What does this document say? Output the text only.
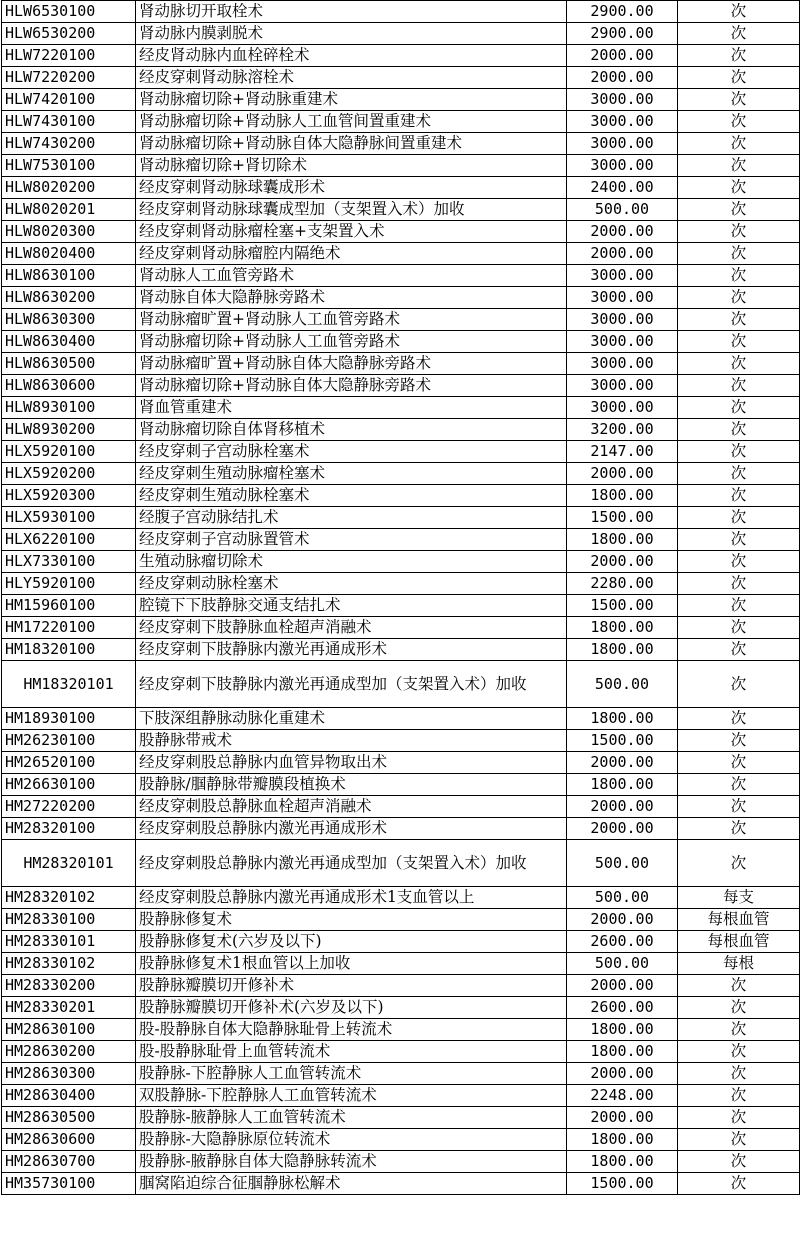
HLW6530100	肾动脉切开取栓术	2900.00	次
HLW6530200	肾动脉内膜剥脱术	2900.00	次
HLW7220100	经皮肾动脉内血栓碎栓术	2000.00	次
HLW7220200	经皮穿刺肾动脉溶栓术	2000.00	次
HLW7420100	肾动脉瘤切除+肾动脉重建术	3000.00	次
HLW7430100	肾动脉瘤切除+肾动脉人工血管间置重建术	3000.00	次
HLW7430200	肾动脉瘤切除+肾动脉自体大隐静脉间置重建术	3000.00	次
HLW7530100	肾动脉瘤切除+肾切除术	3000.00	次
HLW8020200	经皮穿刺肾动脉球囊成形术	2400.00	次
HLW8020201	经皮穿刺肾动脉球囊成型加（支架置入术）加收	500.00	次
HLW8020300	经皮穿刺肾动脉瘤栓塞+支架置入术	2000.00	次
HLW8020400	经皮穿刺肾动脉瘤腔内隔绝术	2000.00	次
HLW8630100	肾动脉人工血管旁路术	3000.00	次
HLW8630200	肾动脉自体大隐静脉旁路术	3000.00	次
HLW8630300	肾动脉瘤旷置+肾动脉人工血管旁路术	3000.00	次
HLW8630400	肾动脉瘤切除+肾动脉人工血管旁路术	3000.00	次
HLW8630500	肾动脉瘤旷置+肾动脉自体大隐静脉旁路术	3000.00	次
HLW8630600	肾动脉瘤切除+肾动脉自体大隐静脉旁路术	3000.00	次
HLW8930100	肾血管重建术	3000.00	次
HLW8930200	肾动脉瘤切除自体肾移植术	3200.00	次
HLX5920100	经皮穿刺子宫动脉栓塞术	2147.00	次
HLX5920200	经皮穿刺生殖动脉瘤栓塞术	2000.00	次
HLX5920300	经皮穿刺生殖动脉栓塞术	1800.00	次
HLX5930100	经腹子宫动脉结扎术	1500.00	次
HLX6220100	经皮穿刺子宫动脉置管术	1800.00	次
HLX7330100	生殖动脉瘤切除术	2000.00	次
HLY5920100	经皮穿刺动脉栓塞术	2280.00	次
HM15960100	腔镜下下肢静脉交通支结扎术	1500.00	次
HM17220100	经皮穿刺下肢静脉血栓超声消融术	1800.00	次
HM18320100	经皮穿刺下肢静脉内激光再通成形术	1800.00	次
HM18320101	经皮穿刺下肢静脉内激光再通成型加（支架置入术）加收	500.00	次
HM18930100	下肢深组静脉动脉化重建术	1800.00	次
HM26230100	股静脉带戒术	1500.00	次
HM26520100	经皮穿刺股总静脉内血管异物取出术	2000.00	次
HM26630100	股静脉/腘静脉带瓣膜段植换术	1800.00	次
HM27220200	经皮穿刺股总静脉血栓超声消融术	2000.00	次
HM28320100	经皮穿刺股总静脉内激光再通成形术	2000.00	次
HM28320101	经皮穿刺股总静脉内激光再通成型加（支架置入术）加收	500.00	次
HM28320102	经皮穿刺股总静脉内激光再通成形术1支血管以上	500.00	每支
HM28330100	股静脉修复术	2000.00	每根血管
HM28330101	股静脉修复术(六岁及以下)	2600.00	每根血管
HM28330102	股静脉修复术1根血管以上加收	500.00	每根
HM28330200	股静脉瓣膜切开修补术	2000.00	次
HM28330201	股静脉瓣膜切开修补术(六岁及以下)	2600.00	次
HM28630100	股-股静脉自体大隐静脉耻骨上转流术	1800.00	次
HM28630200	股-股静脉耻骨上血管转流术	1800.00	次
HM28630300	股静脉-下腔静脉人工血管转流术	2000.00	次
HM28630400	双股静脉-下腔静脉人工血管转流术	2248.00	次
HM28630500	股静脉-腋静脉人工血管转流术	2000.00	次
HM28630600	股静脉-大隐静脉原位转流术	1800.00	次
HM28630700	股静脉-腋静脉自体大隐静脉转流术	1800.00	次
HM35730100	腘窝陷迫综合征腘静脉松解术	1500.00	次
